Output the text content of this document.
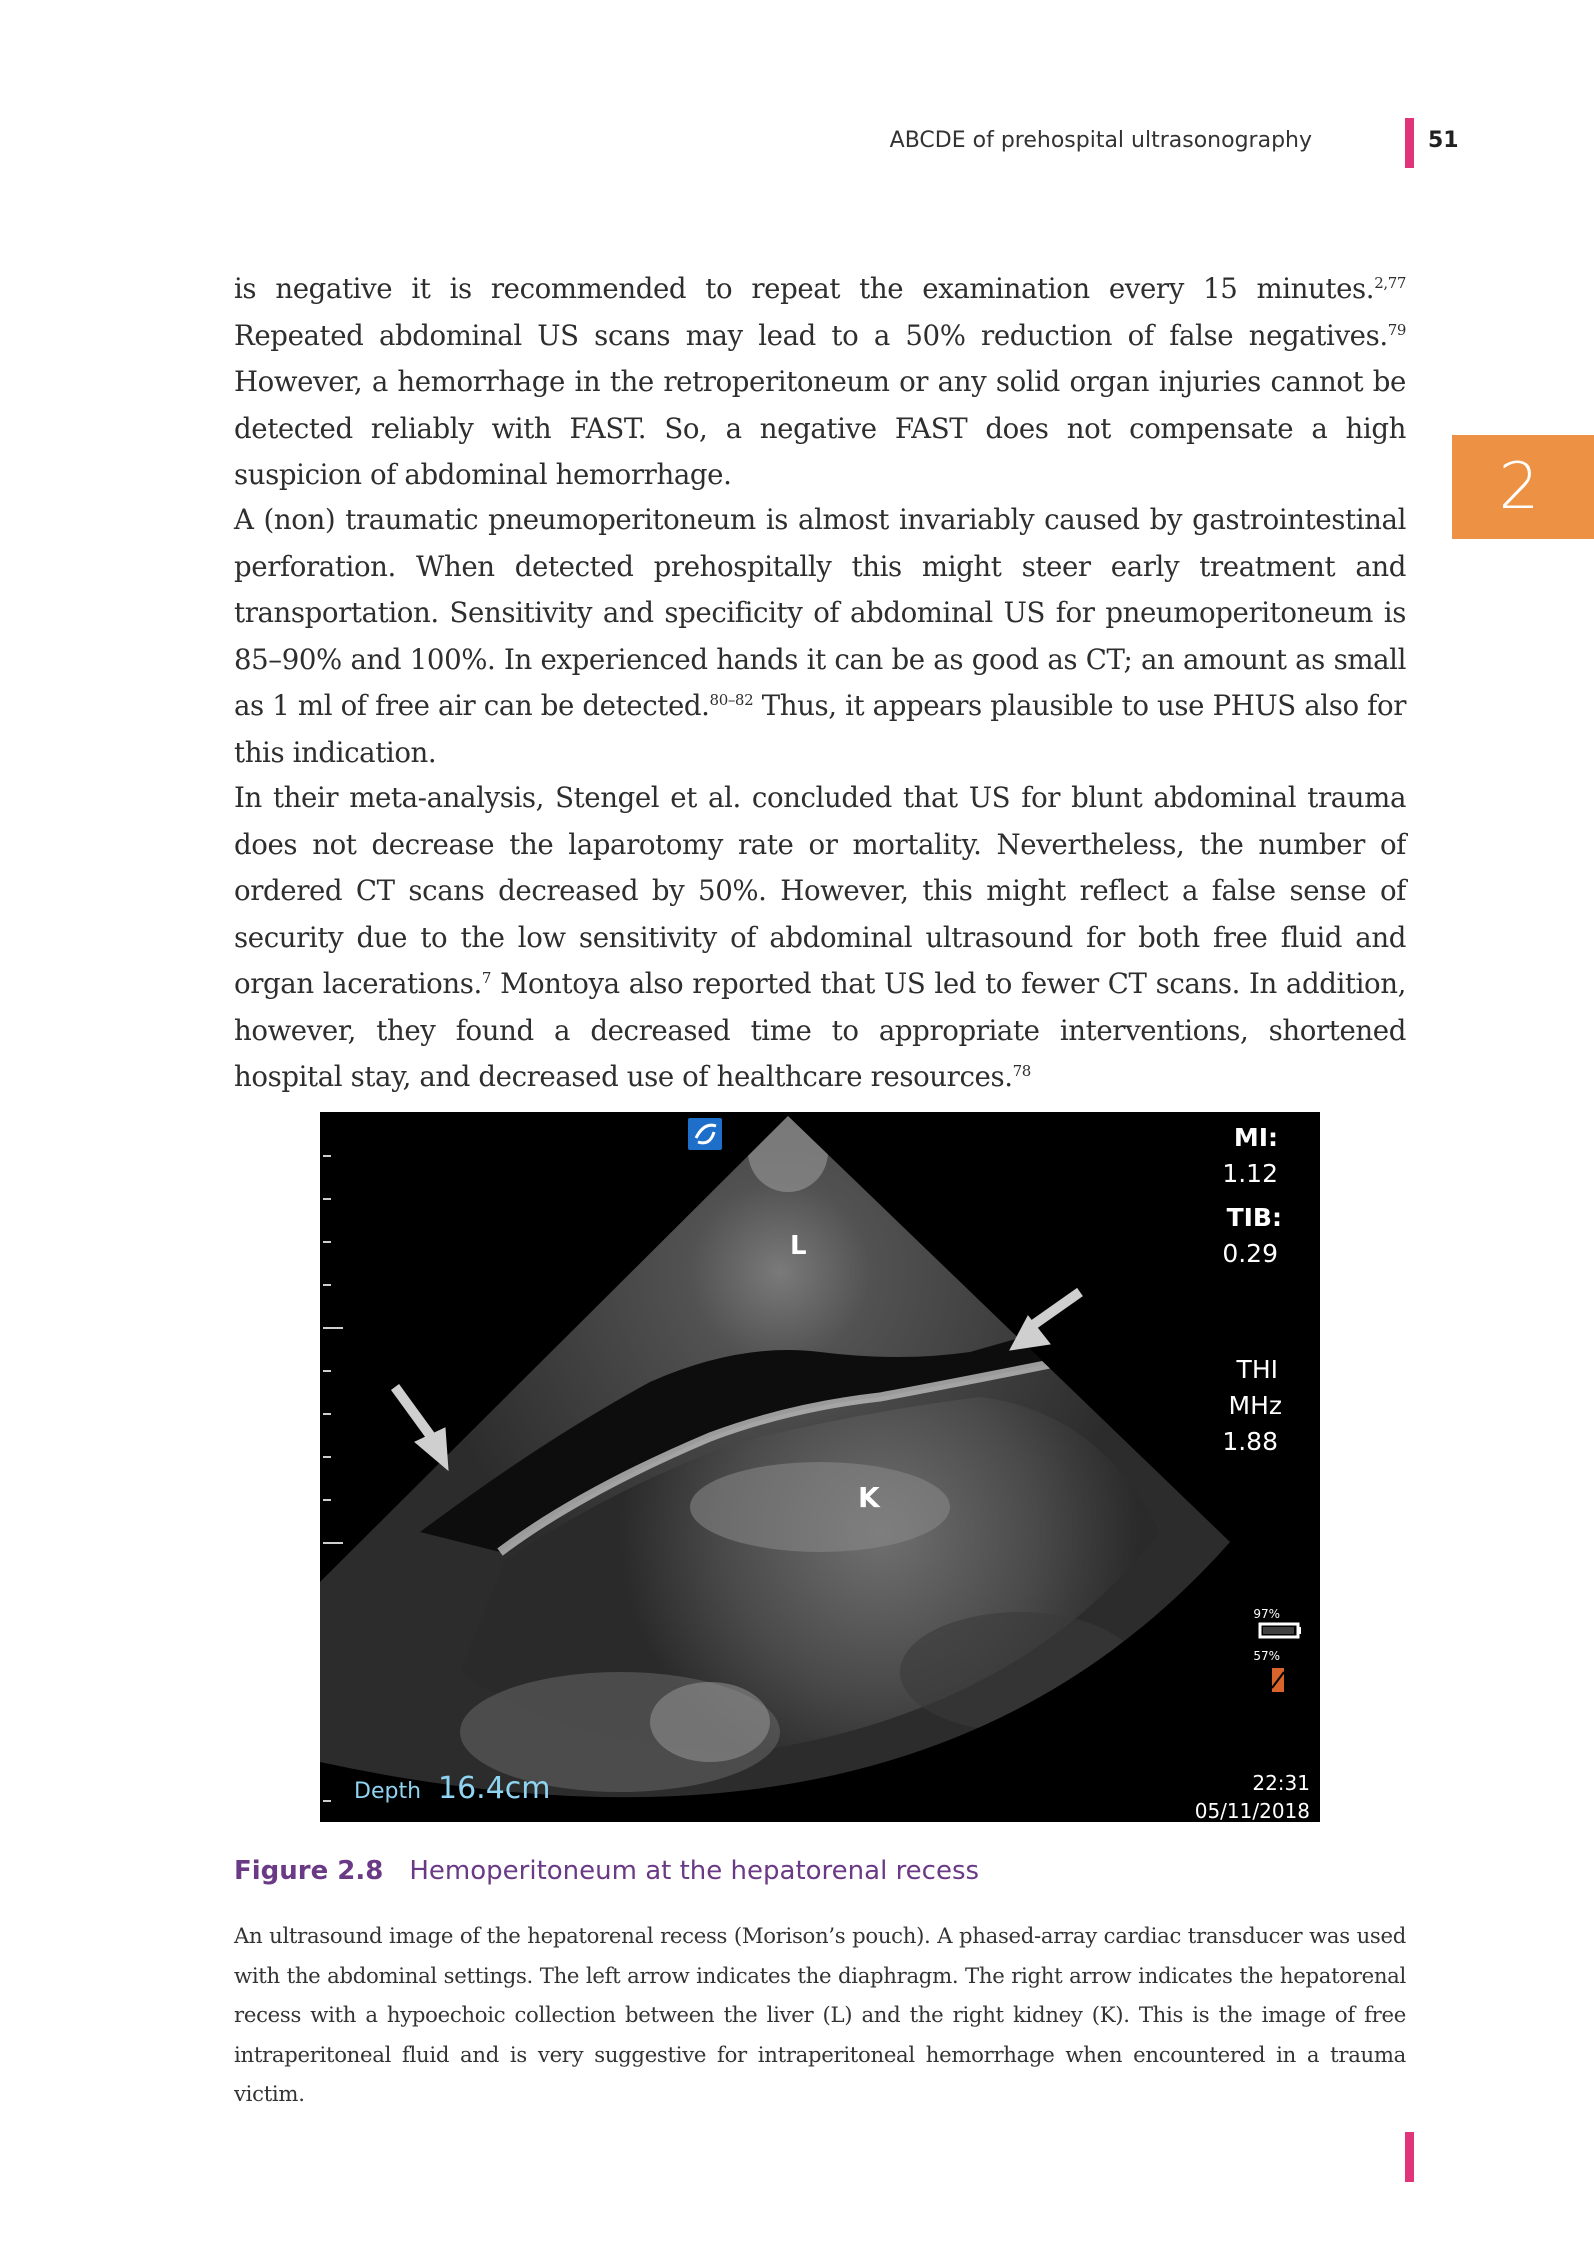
ABCDE of prehospital ultrasonography	51
2

is negative it is recommended to repeat the examination every 15 minutes.$^{2,77}$ Repeated abdominal US scans may lead to a 50% reduction of false negatives.$^{79}$ However, a hemorrhage in the retroperitoneum or any solid organ injuries cannot be detected reliably with FAST. So, a negative FAST does not compensate a high suspicion of abdominal hemorrhage.

A (non) traumatic pneumoperitoneum is almost invariably caused by gastrointestinal perforation. When detected prehospitally this might steer early treatment and transportation. Sensitivity and specificity of abdominal US for pneumoperitoneum is 85–90% and 100%. In experienced hands it can be as good as CT; an amount as small as 1 ml of free air can be detected.$^{80-82}$ Thus, it appears plausible to use PHUS also for this indication.

In their meta-analysis, Stengel et al. concluded that US for blunt abdominal trauma does not decrease the laparotomy rate or mortality. Nevertheless, the number of ordered CT scans decreased by 50%. However, this might reflect a false sense of security due to the low sensitivity of abdominal ultrasound for both free fluid and organ lacerations.$^7$ Montoya also reported that US led to fewer CT scans. In addition, however, they found a decreased time to appropriate interventions, shortened hospital stay, and decreased use of healthcare resources.$^{78}$

L
K
MI:
1.12
TIB:
0.29
THI
MHz
1.88
97%
57%
Depth 16.4cm	22:31
05/11/2018
Figure 2.8 Hemoperitoneum at the hepatorenal recess

An ultrasound image of the hepatorenal recess (Morison’s pouch). A phased-array cardiac transducer was used with the abdominal settings. The left arrow indicates the diaphragm. The right arrow indicates the hepatorenal recess with a hypoechoic collection between the liver (L) and the right kidney (K). This is the image of free intraperitoneal fluid and is very suggestive for intraperitoneal hemorrhage when encountered in a trauma victim.
